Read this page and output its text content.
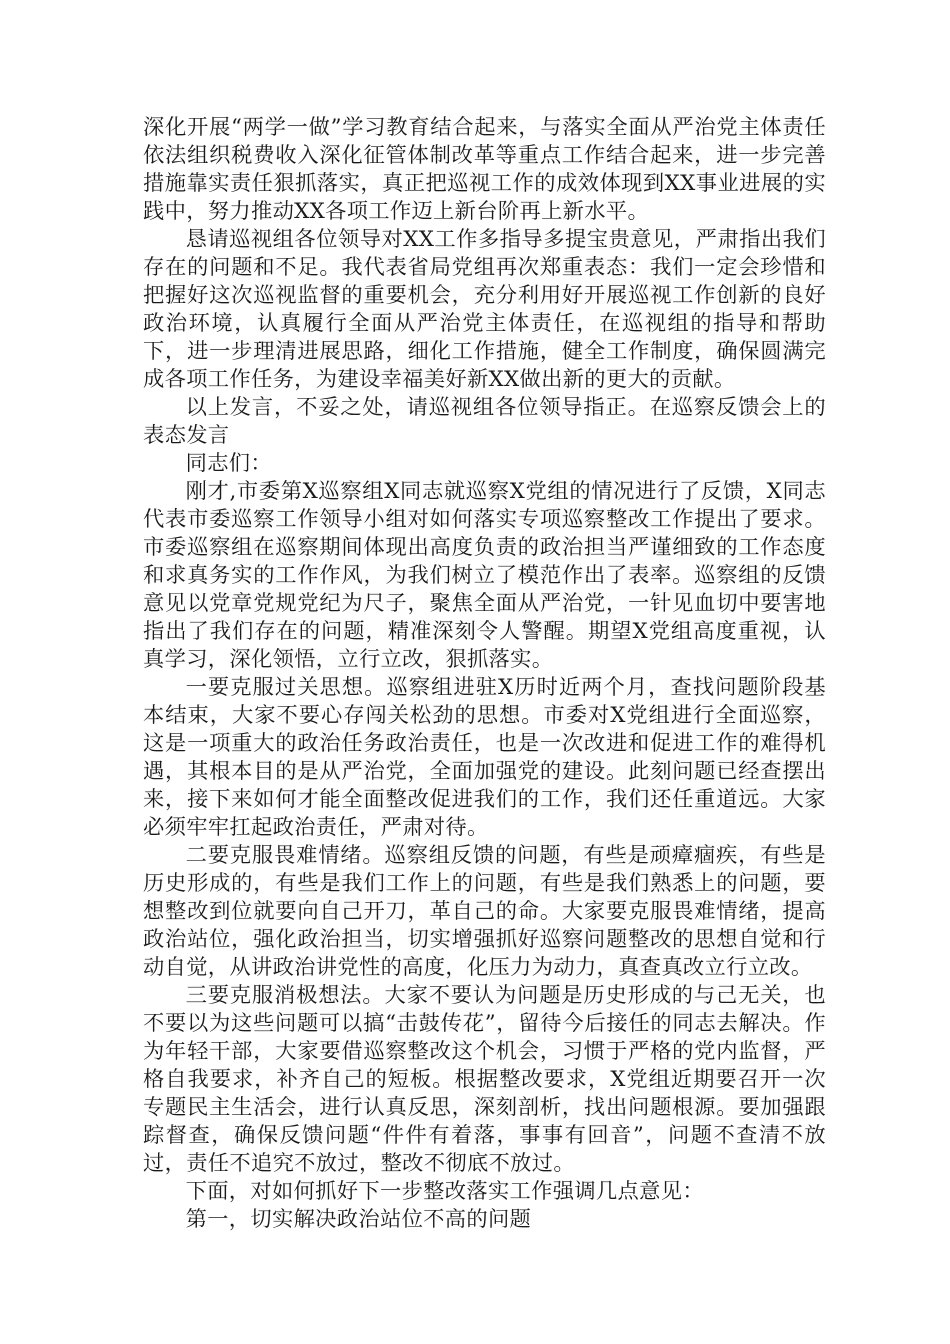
深化开展“两学一做”学习教育结合起来，与落实全面从严治党主体责任依法组织税费收入深化征管体制改革等重点工作结合起来，进一步完善措施靠实责任狠抓落实，真正把巡视工作的成效体现到XX事业进展的实践中，努力推动XX各项工作迈上新台阶再上新水平。

恳请巡视组各位领导对XX工作多指导多提宝贵意见，严肃指出我们存在的问题和不足。我代表省局党组再次郑重表态：我们一定会珍惜和把握好这次巡视监督的重要机会，充分利用好开展巡视工作创新的良好政治环境，认真履行全面从严治党主体责任，在巡视组的指导和帮助下，进一步理清进展思路，细化工作措施，健全工作制度，确保圆满完成各项工作任务，为建设幸福美好新XX做出新的更大的贡献。

以上发言，不妥之处，请巡视组各位领导指正。在巡察反馈会上的表态发言

同志们：

刚才,市委第X巡察组X同志就巡察X党组的情况进行了反馈，X同志代表市委巡察工作领导小组对如何落实专项巡察整改工作提出了要求。市委巡察组在巡察期间体现出高度负责的政治担当严谨细致的工作态度和求真务实的工作作风，为我们树立了模范作出了表率。巡察组的反馈意见以党章党规党纪为尺子，聚焦全面从严治党，一针见血切中要害地指出了我们存在的问题，精准深刻令人警醒。期望X党组高度重视，认真学习，深化领悟，立行立改，狠抓落实。

一要克服过关思想。巡察组进驻X历时近两个月，查找问题阶段基本结束，大家不要心存闯关松劲的思想。市委对X党组进行全面巡察，这是一项重大的政治任务政治责任，也是一次改进和促进工作的难得机遇，其根本目的是从严治党，全面加强党的建设。此刻问题已经查摆出来，接下来如何才能全面整改促进我们的工作，我们还任重道远。大家必须牢牢扛起政治责任，严肃对待。

二要克服畏难情绪。巡察组反馈的问题，有些是顽瘴痼疾，有些是历史形成的，有些是我们工作上的问题，有些是我们熟悉上的问题，要想整改到位就要向自己开刀，革自己的命。大家要克服畏难情绪，提高政治站位，强化政治担当，切实增强抓好巡察问题整改的思想自觉和行动自觉，从讲政治讲党性的高度，化压力为动力，真查真改立行立改。

三要克服消极想法。大家不要认为问题是历史形成的与己无关，也不要以为这些问题可以搞“击鼓传花”，留待今后接任的同志去解决。作为年轻干部，大家要借巡察整改这个机会，习惯于严格的党内监督，严格自我要求，补齐自己的短板。根据整改要求，X党组近期要召开一次专题民主生活会，进行认真反思，深刻剖析，找出问题根源。要加强跟踪督查，确保反馈问题“件件有着落，事事有回音”，问题不查清不放过，责任不追究不放过，整改不彻底不放过。

下面，对如何抓好下一步整改落实工作强调几点意见：

第一，切实解决政治站位不高的问题
